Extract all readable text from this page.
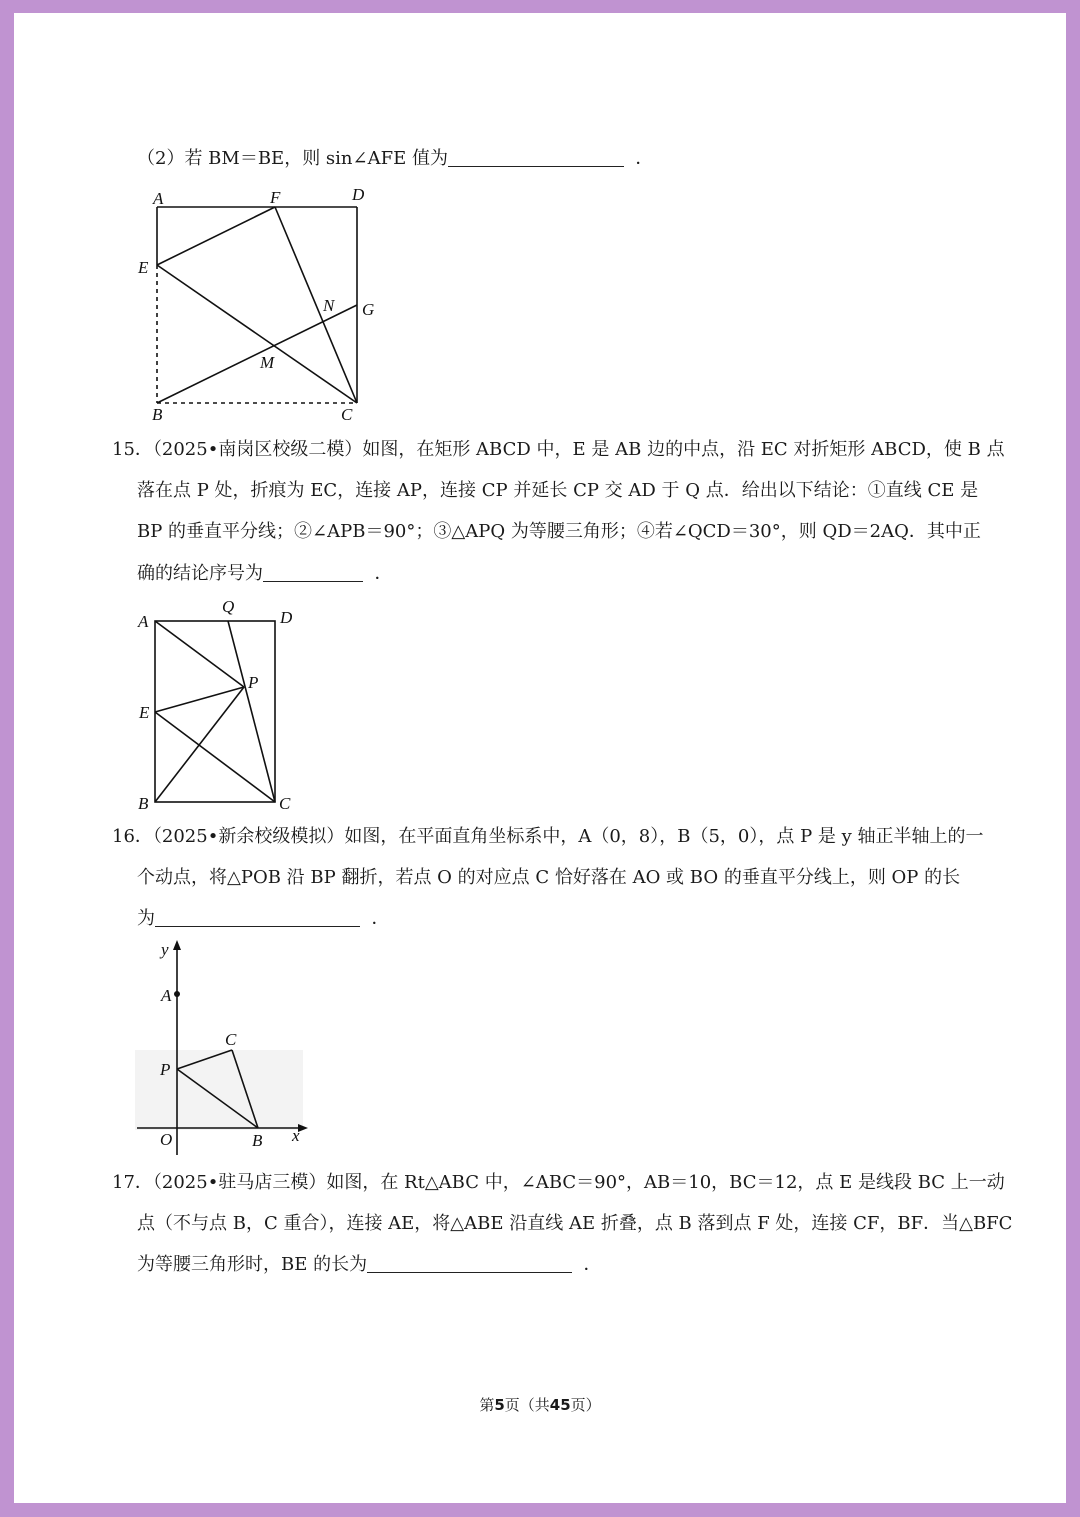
（2）若 BM＝BE，则 sin∠AFE 值为	．
A	F	D
E
N G
M
B	C
15．（2025•南岗区校级二模）如图，在矩形 ABCD 中，E 是 AB 边的中点，沿 EC 对折矩形 ABCD，使 B 点
落在点 P 处，折痕为 EC，连接 AP，连接 CP 并延长 CP 交 AD 于 Q 点．给出以下结论：①直线 CE 是
BP 的垂直平分线；②∠APB＝90°；③△APQ 为等腰三角形；④若∠QCD＝30°，则 QD＝2AQ．其中正
确的结论序号为	．
A
Q
D
P
E
B	C
16．（2025•新余校级模拟）如图，在平面直角坐标系中，A（0，8），B（5，0），点 P 是 y 轴正半轴上的一
个动点，将△POB 沿 BP 翻折，若点 O 的对应点 C 恰好落在 AO 或 BO 的垂直平分线上，则 OP 的长
为	．
y
A
C
P
O	B x
17．（2025•驻马店三模）如图，在 Rt△ABC 中，∠ABC＝90°，AB＝10，BC＝12，点 E 是线段 BC 上一动
点（不与点 B，C 重合），连接 AE，将△ABE 沿直线 AE 折叠，点 B 落到点 F 处，连接 CF，BF．当△BFC
为等腰三角形时，BE 的长为	．
第5页（共45页）
